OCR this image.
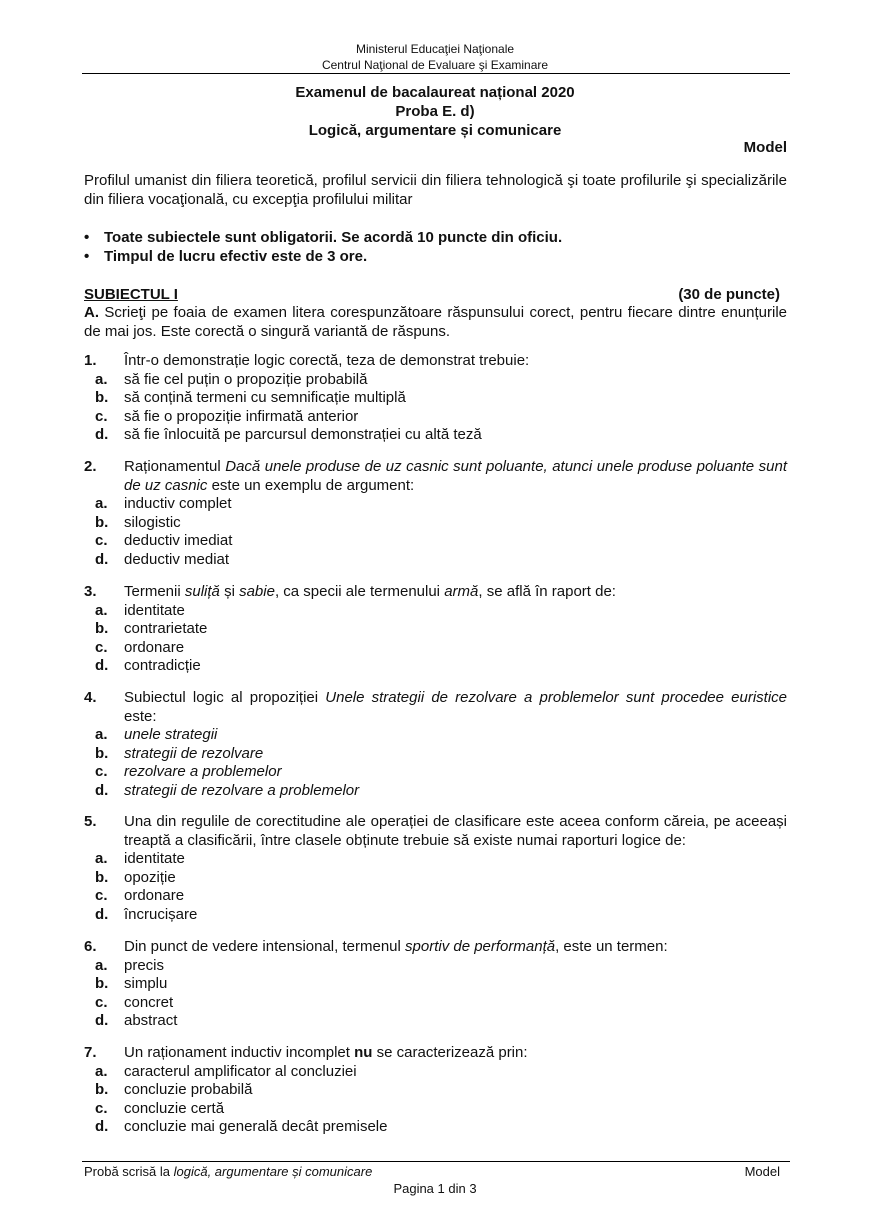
Ministerul Educaţiei Naţionale
Centrul Naţional de Evaluare şi Examinare
Examenul de bacalaureat național 2020
Proba E. d)
Logică, argumentare și comunicare
Model
Profilul umanist din filiera teoretică, profilul servicii din filiera tehnologică şi toate profilurile şi specializările din filiera vocaţională, cu excepţia profilului militar
• Toate subiectele sunt obligatorii. Se acordă 10 puncte din oficiu.
• Timpul de lucru efectiv este de 3 ore.
SUBIECTUL I	(30 de puncte)
A. Scrieţi pe foaia de examen litera corespunzătoare răspunsului corect, pentru fiecare dintre enunțurile de mai jos. Este corectă o singură variantă de răspuns.
1. Într-o demonstrație logic corectă, teza de demonstrat trebuie:
a. să fie cel puțin o propoziție probabilă
b. să conțină termeni cu semnificație multiplă
c. să fie o propoziție infirmată anterior
d. să fie înlocuită pe parcursul demonstrației cu altă teză
2. Raționamentul Dacă unele produse de uz casnic sunt poluante, atunci unele produse poluante sunt de uz casnic este un exemplu de argument:
a. inductiv complet
b. silogistic
c. deductiv imediat
d. deductiv mediat
3. Termenii suliță și sabie, ca specii ale termenului armă, se află în raport de:
a. identitate
b. contrarietate
c. ordonare
d. contradicție
4. Subiectul logic al propoziției Unele strategii de rezolvare a problemelor sunt procedee euristice este:
a. unele strategii
b. strategii de rezolvare
c. rezolvare a problemelor
d. strategii de rezolvare a problemelor
5. Una din regulile de corectitudine ale operației de clasificare este aceea conform căreia, pe aceeași treaptă a clasificării, între clasele obținute trebuie să existe numai raporturi logice de:
a. identitate
b. opoziție
c. ordonare
d. încrucișare
6. Din punct de vedere intensional, termenul sportiv de performanță, este un termen:
a. precis
b. simplu
c. concret
d. abstract
7. Un raționament inductiv incomplet nu se caracterizează prin:
a. caracterul amplificator al concluziei
b. concluzie probabilă
c. concluzie certă
d. concluzie mai generală decât premisele
Probă scrisă la logică, argumentare și comunicare	Model
Pagina 1 din 3
